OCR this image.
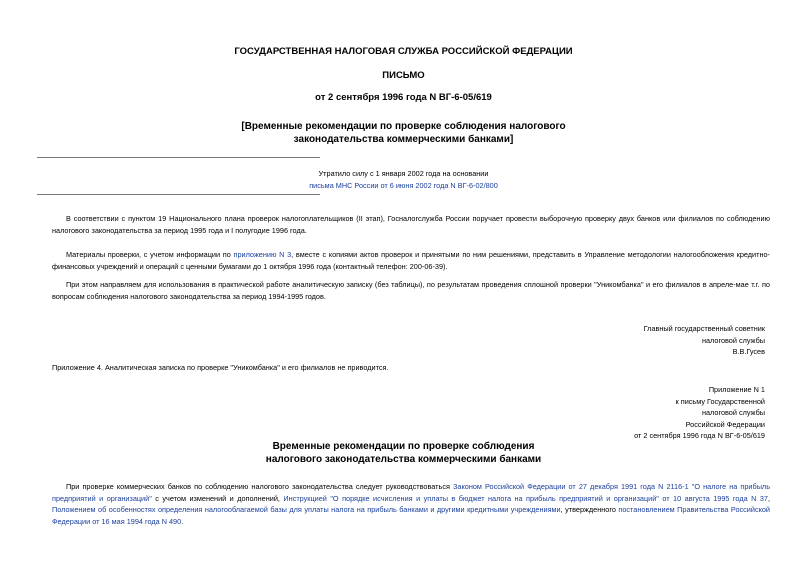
ГОСУДАРСТВЕННАЯ НАЛОГОВАЯ СЛУЖБА РОССИЙСКОЙ ФЕДЕРАЦИИ
ПИСЬМО
от 2 сентября 1996 года N ВГ-6-05/619
[Временные рекомендации по проверке соблюдения налогового
законодательства коммерческими банками]
Утратило силу с 1 января 2002 года на основании
письма МНС России от 6 июня 2002 года N ВГ-6-02/800
В соответствии с пунктом 19 Национального плана проверок налогоплательщиков (II этап), Госналогслужба России поручает провести выборочную проверку двух банков или филиалов по соблюдению налогового законодательства за период 1995 года и I полугодие 1996 года.
Материалы проверки, с учетом информации по приложению N 3, вместе с копиями актов проверок и принятыми по ним решениями, представить в Управление методологии налогообложения кредитно-финансовых учреждений и операций с ценными бумагами до 1 октября 1996 года (контактный телефон: 200-06-39).
При этом направляем для использования в практической работе аналитическую записку (без таблицы), по результатам проведения сплошной проверки "Уникомбанка" и его филиалов в апреле-мае т.г. по вопросам соблюдения налогового законодательства за период 1994-1995 годов.
Главный государственный советник
налоговой службы
В.В.Гусев
Приложение 4. Аналитическая записка по проверке "Уникомбанка" и его филиалов не приводится.
Приложение N 1
к письму Государственной
налоговой службы
Российской Федерации
от 2 сентября 1996 года N ВГ-6-05/619
Временные рекомендации по проверке соблюдения
налогового законодательства коммерческими банками
При проверке коммерческих банков по соблюдению налогового законодательства следует руководствоваться Законом Российской Федерации от 27 декабря 1991 года N 2116-1 "О налоге на прибыль предприятий и организаций" с учетом изменений и дополнений, Инструкцией "О порядке исчисления и уплаты в бюджет налога на прибыль предприятий и организаций" от 10 августа 1995 года N 37, Положением об особенностях определения налогооблагаемой базы для уплаты налога на прибыль банками и другими кредитными учреждениями, утвержденного постановлением Правительства Российской Федерации от 16 мая 1994 года N 490.
